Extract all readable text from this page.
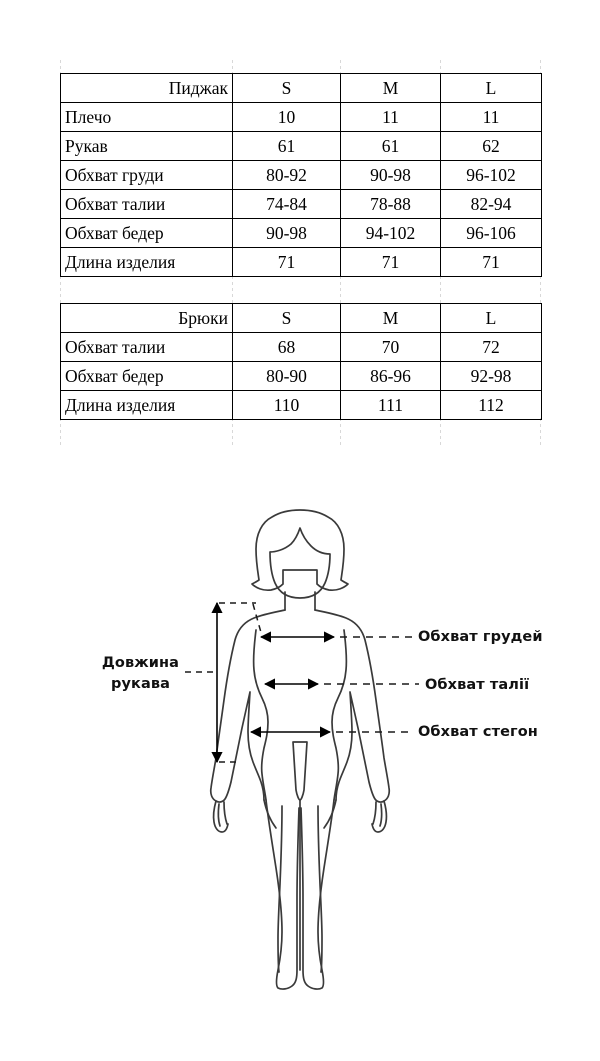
Пиджак	S	M	L
Плечо	10	11	11
Рукав	61	61	62
Обхват груди	80-92	90-98	96-102
Обхват талии	74-84	78-88	82-94
Обхват бедер	90-98	94-102	96-106
Длина изделия	71	71	71
Брюки	S	M	L
Обхват талии	68	70	72
Обхват бедер	80-90	86-96	92-98
Длина изделия	110	111	112
Довжина
рукава
Обхват грудей
Обхват талії
Обхват стегон
